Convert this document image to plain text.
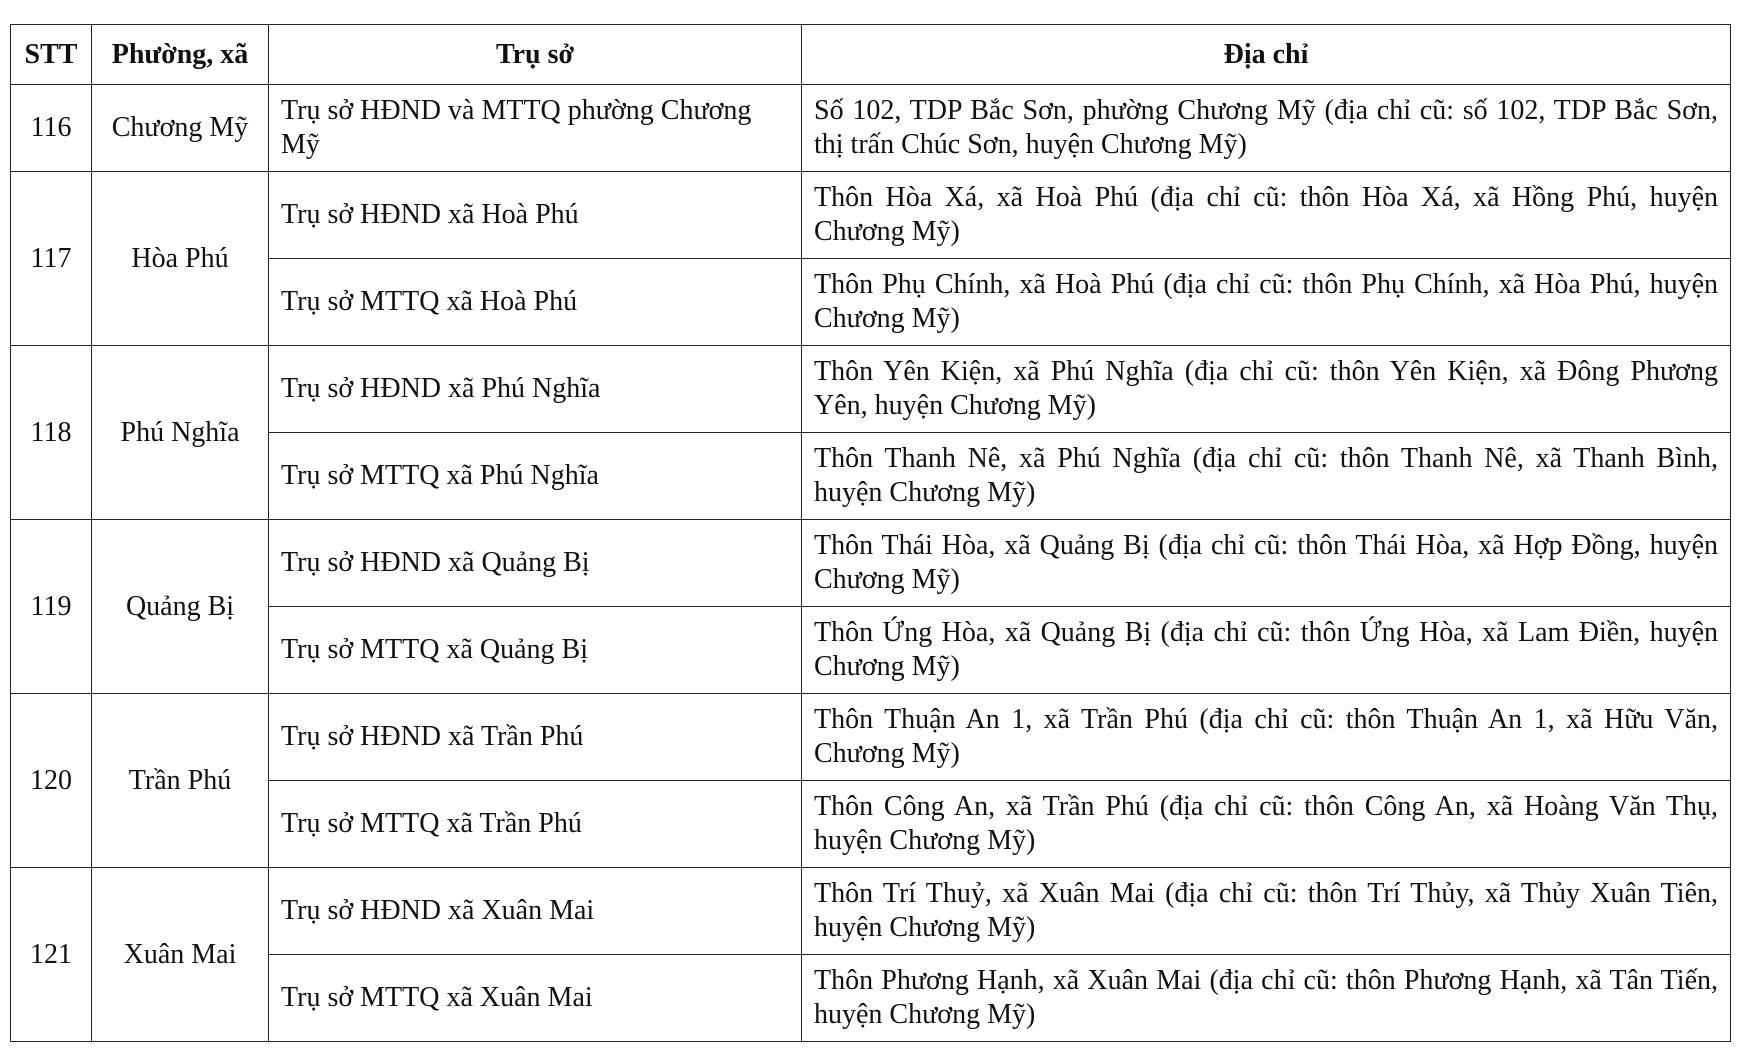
STT	Phường, xã	Trụ sở	Địa chỉ
116	Chương Mỹ	Trụ sở HĐND và MTTQ phường Chương Mỹ	Số 102, TDP Bắc Sơn, phường Chương Mỹ (địa chỉ cũ: số 102, TDP Bắc Sơn, thị trấn Chúc Sơn, huyện Chương Mỹ)
117	Hòa Phú	Trụ sở HĐND xã Hoà Phú	Thôn Hòa Xá, xã Hoà Phú (địa chỉ cũ: thôn Hòa Xá, xã Hồng Phú, huyện Chương Mỹ)
		Trụ sở MTTQ xã Hoà Phú	Thôn Phụ Chính, xã Hoà Phú (địa chỉ cũ: thôn Phụ Chính, xã Hòa Phú, huyện Chương Mỹ)
118	Phú Nghĩa	Trụ sở HĐND xã Phú Nghĩa	Thôn Yên Kiện, xã Phú Nghĩa (địa chỉ cũ: thôn Yên Kiện, xã Đông Phương Yên, huyện Chương Mỹ)
		Trụ sở MTTQ xã Phú Nghĩa	Thôn Thanh Nê, xã Phú Nghĩa (địa chỉ cũ: thôn Thanh Nê, xã Thanh Bình, huyện Chương Mỹ)
119	Quảng Bị	Trụ sở HĐND xã Quảng Bị	Thôn Thái Hòa, xã Quảng Bị (địa chỉ cũ: thôn Thái Hòa, xã Hợp Đồng, huyện Chương Mỹ)
		Trụ sở MTTQ xã Quảng Bị	Thôn Ứng Hòa, xã Quảng Bị (địa chỉ cũ: thôn Ứng Hòa, xã Lam Điền, huyện Chương Mỹ)
120	Trần Phú	Trụ sở HĐND xã Trần Phú	Thôn Thuận An 1, xã Trần Phú (địa chỉ cũ: thôn Thuận An 1, xã Hữu Văn, Chương Mỹ)
		Trụ sở MTTQ xã Trần Phú	Thôn Công An, xã Trần Phú (địa chỉ cũ: thôn Công An, xã Hoàng Văn Thụ, huyện Chương Mỹ)
121	Xuân Mai	Trụ sở HĐND xã Xuân Mai	Thôn Trí Thuỷ, xã Xuân Mai (địa chỉ cũ: thôn Trí Thủy, xã Thủy Xuân Tiên, huyện Chương Mỹ)
		Trụ sở MTTQ xã Xuân Mai	Thôn Phương Hạnh, xã Xuân Mai (địa chỉ cũ: thôn Phương Hạnh, xã Tân Tiến, huyện Chương Mỹ)
